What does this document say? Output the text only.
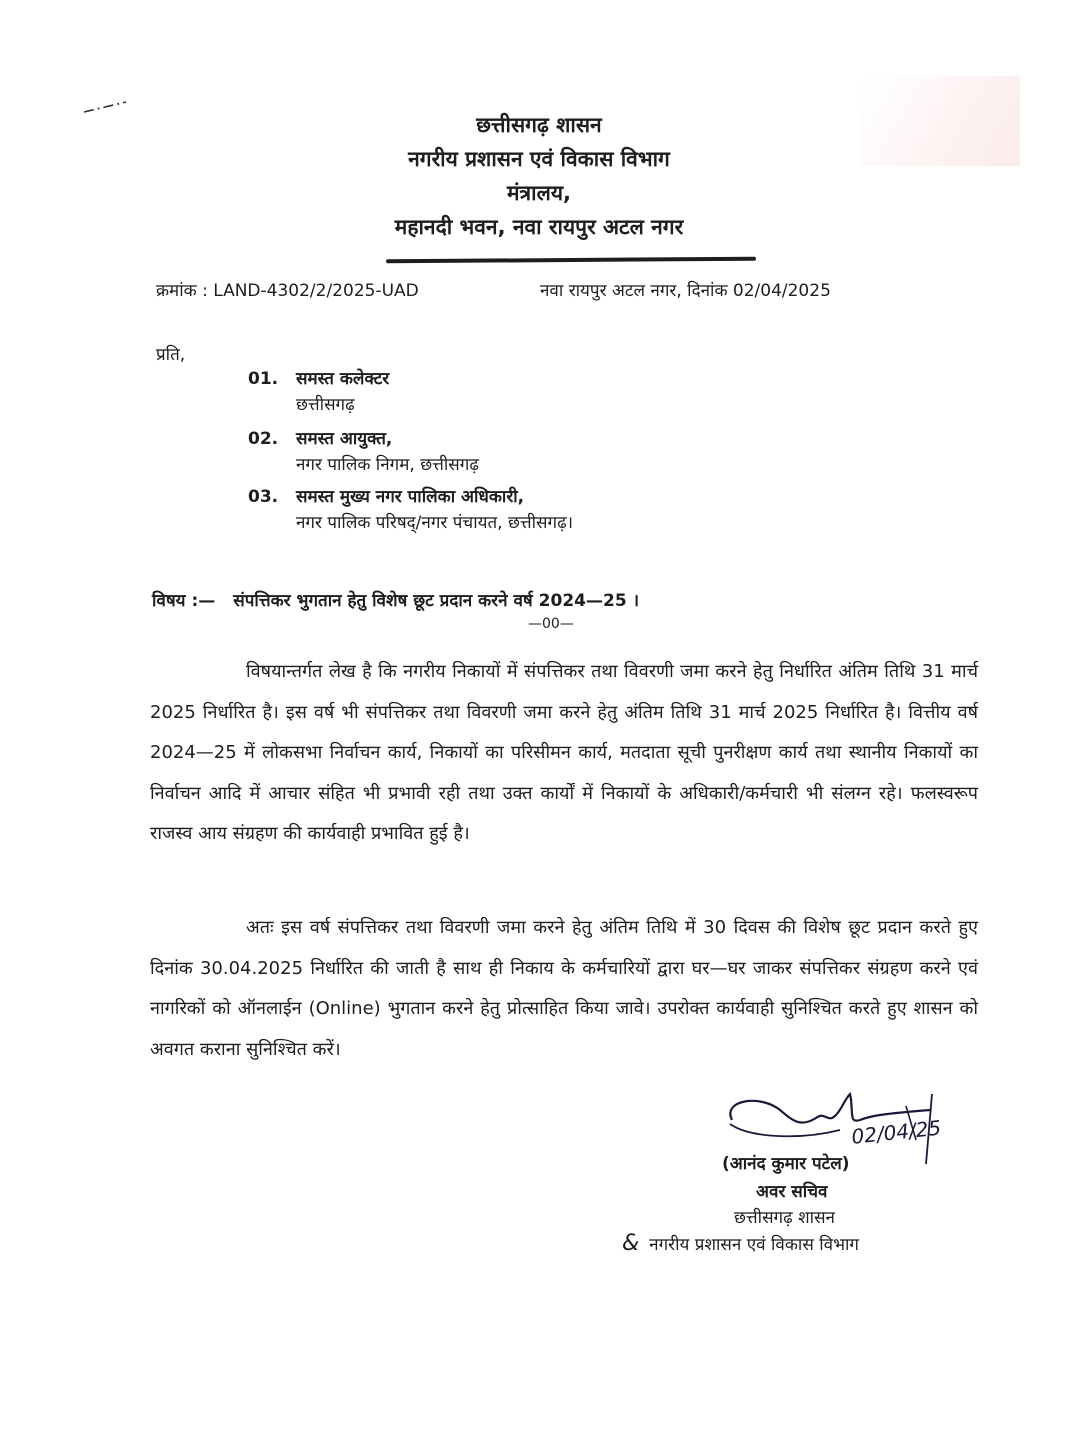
छत्तीसगढ़ शासन
नगरीय प्रशासन एवं विकास विभाग
मंत्रालय,
महानदी भवन, नवा रायपुर अटल नगर
क्रमांक : LAND-4302/2/2025-UAD	नवा रायपुर अटल नगर, दिनांक 02/04/2025
प्रति,
01. समस्त कलेक्टर
छत्तीसगढ़
02. समस्त आयुक्त,
नगर पालिक निगम, छत्तीसगढ़
03. समस्त मुख्य नगर पालिका अधिकारी,
नगर पालिक परिषद्/नगर पंचायत, छत्तीसगढ़।
विषय :— संपत्तिकर भुगतान हेतु विशेष छूट प्रदान करने वर्ष 2024—25 ।
—00—

विषयान्तर्गत लेख है कि नगरीय निकायों में संपत्तिकर तथा विवरणी जमा करने हेतु निर्धारित अंतिम तिथि 31 मार्च 2025 निर्धारित है। इस वर्ष भी संपत्तिकर तथा विवरणी जमा करने हेतु अंतिम तिथि 31 मार्च 2025 निर्धारित है। वित्तीय वर्ष 2024—25 में लोकसभा निर्वाचन कार्य, निकायों का परिसीमन कार्य, मतदाता सूची पुनरीक्षण कार्य तथा स्थानीय निकायों का निर्वाचन आदि में आचार संहित भी प्रभावी रही तथा उक्त कार्यों में निकायों के अधिकारी/कर्मचारी भी संलग्न रहे। फलस्वरूप राजस्व आय संग्रहण की कार्यवाही प्रभावित हुई है।

अतः इस वर्ष संपत्तिकर तथा विवरणी जमा करने हेतु अंतिम तिथि में 30 दिवस की विशेष छूट प्रदान करते हुए दिनांक 30.04.2025 निर्धारित की जाती है साथ ही निकाय के कर्मचारियों द्वारा घर—घर जाकर संपत्तिकर संग्रहण करने एवं नागरिकों को ऑनलाईन (Online) भुगतान करने हेतु प्रोत्साहित किया जावे। उपरोक्त कार्यवाही सुनिश्चित करते हुए शासन को अवगत कराना सुनिश्चित करें।

02/04/25
(आनंद कुमार पटेल)
अवर सचिव
छत्तीसगढ़ शासन
& नगरीय प्रशासन एवं विकास विभाग
